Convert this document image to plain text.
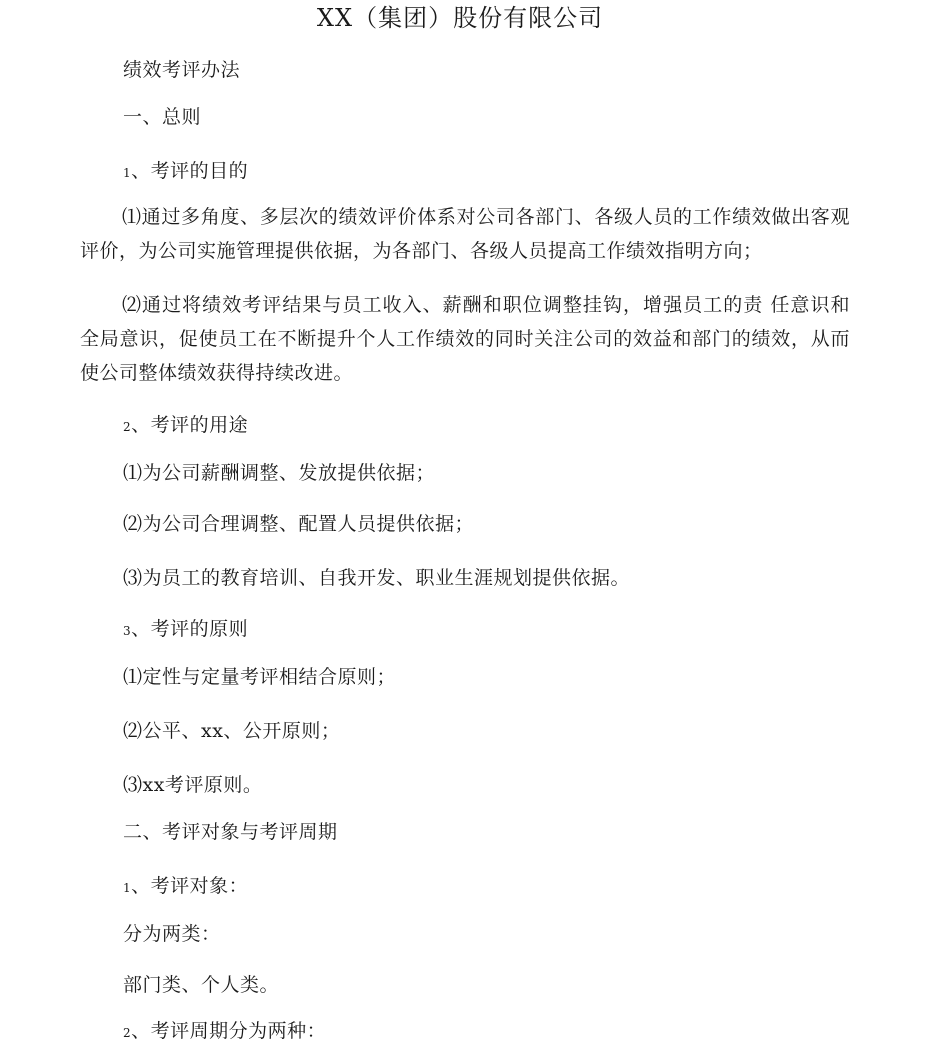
XX（集团）股份有限公司
绩效考评办法
一、总则
1、考评的目的
⑴通过多角度、多层次的绩效评价体系对公司各部门、各级人员的工作绩效做出客观评价，为公司实施管理提供依据，为各部门、各级人员提高工作绩效指明方向；
⑵通过将绩效考评结果与员工收入、薪酬和职位调整挂钩，增强员工的责 任意识和全局意识，促使员工在不断提升个人工作绩效的同时关注公司的效益和部门的绩效，从而使公司整体绩效获得持续改进。
2、考评的用途
⑴为公司薪酬调整、发放提供依据；
⑵为公司合理调整、配置人员提供依据；
⑶为员工的教育培训、自我开发、职业生涯规划提供依据。
3、考评的原则
⑴定性与定量考评相结合原则；
⑵公平、xx、公开原则；
⑶xx考评原则。
二、考评对象与考评周期
1、考评对象：
分为两类：
部门类、个人类。
2、考评周期分为两种：
